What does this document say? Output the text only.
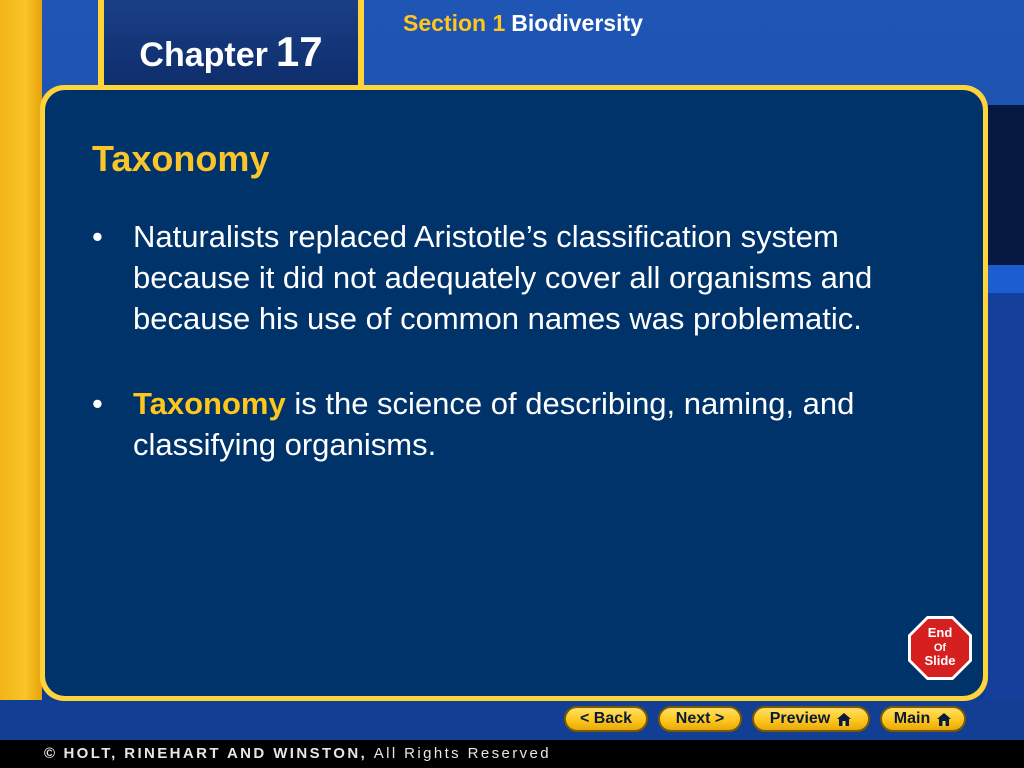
Chapter 17
Section 1 Biodiversity
Taxonomy
• Naturalists replaced Aristotle’s classification system because it did not adequately cover all organisms and because his use of common names was problematic.
• Taxonomy is the science of describing, naming, and classifying organisms.
End
Of
Slide
< Back	Next >	Preview	Main
© HOLT, RINEHART AND WINSTON, All Rights Reserved
